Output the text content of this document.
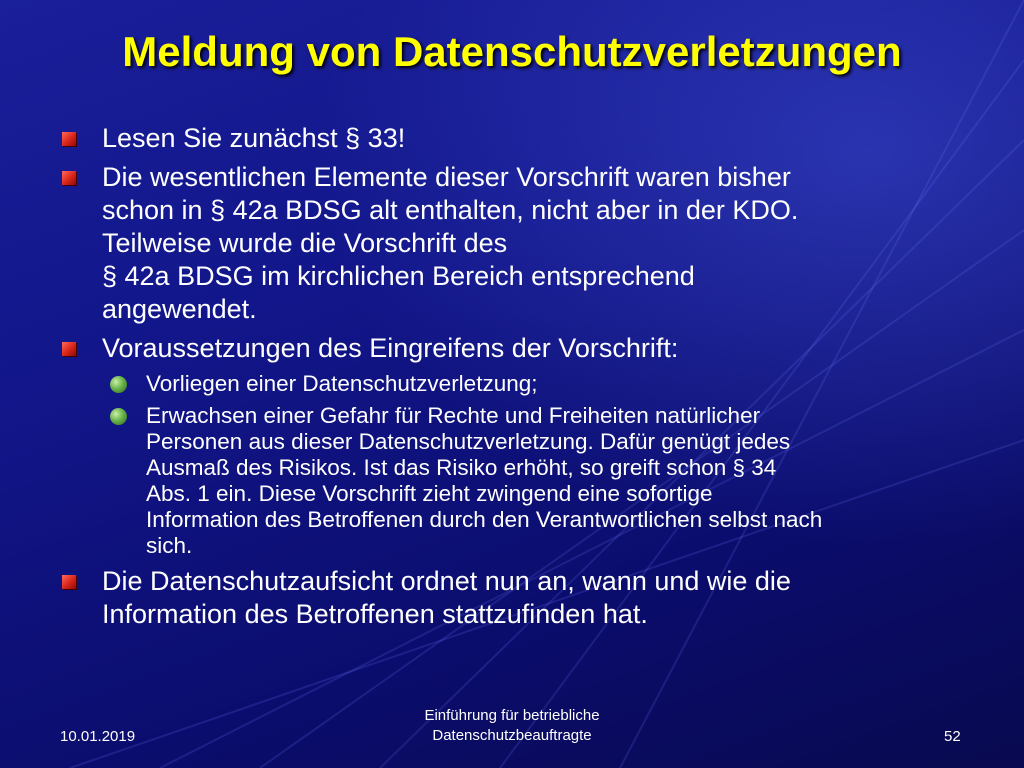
Meldung von Datenschutzverletzungen
Lesen Sie zunächst § 33!
Die wesentlichen Elemente dieser Vorschrift waren bisher
schon in § 42a BDSG alt enthalten, nicht aber in der KDO.
Teilweise wurde die Vorschrift des
§ 42a BDSG im kirchlichen Bereich entsprechend
angewendet.
Voraussetzungen des Eingreifens der Vorschrift:
Vorliegen einer Datenschutzverletzung;
Erwachsen einer Gefahr für Rechte und Freiheiten natürlicher
Personen aus dieser Datenschutzverletzung. Dafür genügt jedes
Ausmaß des Risikos. Ist das Risiko erhöht, so greift schon § 34
Abs. 1 ein. Diese Vorschrift zieht zwingend eine sofortige
Information des Betroffenen durch den Verantwortlichen selbst nach
sich.
Die Datenschutzaufsicht ordnet nun an, wann und wie die
Information des Betroffenen stattzufinden hat.
10.01.2019
Einführung für betriebliche
Datenschutzbeauftragte	52
